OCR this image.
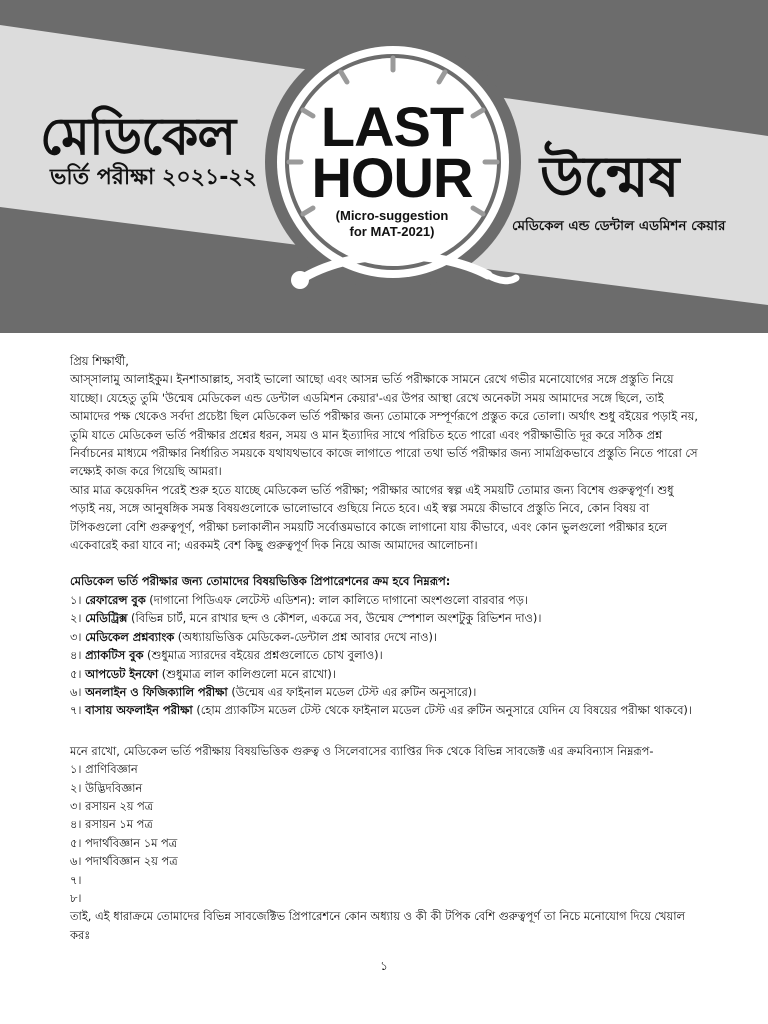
মেডিকেল
ভর্তি পরীক্ষা ২০২১-২২
LAST
HOUR
(Micro-suggestion
for MAT-2021)
উন্মেষ
মেডিকেল এন্ড ডেন্টাল এডমিশন কেয়ার

প্রিয় শিক্ষার্থী,

আস্‌সালামু আলাইকুম। ইনশাআল্লাহ, সবাই ভালো আছো এবং আসন্ন ভর্তি পরীক্ষাকে সামনে রেখে গভীর মনোযোগের সঙ্গে প্রস্তুতি নিয়ে যাচ্ছো। যেহেতু তুমি 'উন্মেষ মেডিকেল এন্ড ডেন্টাল এডমিশন কেয়ার'-এর উপর আস্থা রেখে অনেকটা সময় আমাদের সঙ্গে ছিলে, তাই আমাদের পক্ষ থেকেও সর্বদা প্রচেষ্টা ছিল মেডিকেল ভর্তি পরীক্ষার জন্য তোমাকে সম্পূর্ণরূপে প্রস্তুত করে তোলা। অর্থাৎ শুধু বইয়ের পড়াই নয়, তুমি যাতে মেডিকেল ভর্তি পরীক্ষার প্রশ্নের ধরন, সময় ও মান ইত্যাদির সাথে পরিচিত হতে পারো এবং পরীক্ষাভীতি দূর করে সঠিক প্রশ্ন নির্বাচনের মাধ্যমে পরীক্ষার নির্ধারিত সময়কে যথাযথভাবে কাজে লাগাতে পারো তথা ভর্তি পরীক্ষার জন্য সামগ্রিকভাবে প্রস্তুতি নিতে পারো সে লক্ষ্যেই কাজ করে গিয়েছি আমরা।

আর মাত্র কয়েকদিন পরেই শুরু হতে যাচ্ছে মেডিকেল ভর্তি পরীক্ষা; পরীক্ষার আগের স্বল্প এই সময়টি তোমার জন্য বিশেষ গুরুত্বপূর্ণ। শুধু পড়াই নয়, সঙ্গে আনুষঙ্গিক সমস্ত বিষয়গুলোকে ভালোভাবে গুছিয়ে নিতে হবে। এই স্বল্প সময়ে কীভাবে প্রস্তুতি নিবে, কোন বিষয় বা টপিকগুলো বেশি গুরুত্বপূর্ণ, পরীক্ষা চলাকালীন সময়টি সর্বোত্তমভাবে কাজে লাগানো যায় কীভাবে, এবং কোন ভুলগুলো পরীক্ষার হলে একেবারেই করা যাবে না; এরকমই বেশ কিছু গুরুত্বপূর্ণ দিক নিয়ে আজ আমাদের আলোচনা।

মেডিকেল ভর্তি পরীক্ষার জন্য তোমাদের বিষয়ভিত্তিক প্রিপারেশনের ক্রম হবে নিম্নরূপ:

১। রেফারেন্স বুক (দাগানো পিডিএফ লেটেস্ট এডিশন): লাল কালিতে দাগানো অংশগুলো বারবার পড়।

২। মেডিট্রিক্স (বিভিন্ন চার্ট, মনে রাখার ছন্দ ও কৌশল, একত্রে সব, উন্মেষ স্পেশাল অংশটুকু রিভিশন দাও)।

৩। মেডিকেল প্রশ্নব্যাংক (অধ্যায়ভিত্তিক মেডিকেল-ডেন্টাল প্রশ্ন আবার দেখে নাও)।

৪। প্র্যাকটিস বুক (শুধুমাত্র স্যারদের বইয়ের প্রশ্নগুলোতে চোখ বুলাও)।

৫। আপডেট ইনফো (শুধুমাত্র লাল কালিগুলো মনে রাখো)।

৬। অনলাইন ও ফিজিক্যালি পরীক্ষা (উন্মেষ এর ফাইনাল মডেল টেস্ট এর রুটিন অনুসারে)।

৭। বাসায় অফলাইন পরীক্ষা (হোম প্র্যাকটিস মডেল টেস্ট থেকে ফাইনাল মডেল টেস্ট এর রুটিন অনুসারে যেদিন যে বিষয়ের পরীক্ষা থাকবে)।

মনে রাখো, মেডিকেল ভর্তি পরীক্ষায় বিষয়ভিত্তিক গুরুত্ব ও সিলেবাসের ব্যাপ্তির দিক থেকে বিভিন্ন সাবজেক্ট এর ক্রমবিন্যাস নিম্নরূপ-

১। প্রাণিবিজ্ঞান

২। উদ্ভিদবিজ্ঞান

৩। রসায়ন ২য় পত্র

৪। রসায়ন ১ম পত্র

৫। পদার্থবিজ্ঞান ১ম পত্র

৬। পদার্থবিজ্ঞান ২য় পত্র

৭।

৮।

তাই, এই ধারাক্রমে তোমাদের বিভিন্ন সাবজেক্টিভ প্রিপারেশনে কোন অধ্যায় ও কী কী টপিক বেশি গুরুত্বপূর্ণ তা নিচে মনোযোগ দিয়ে খেয়াল করঃ

১
